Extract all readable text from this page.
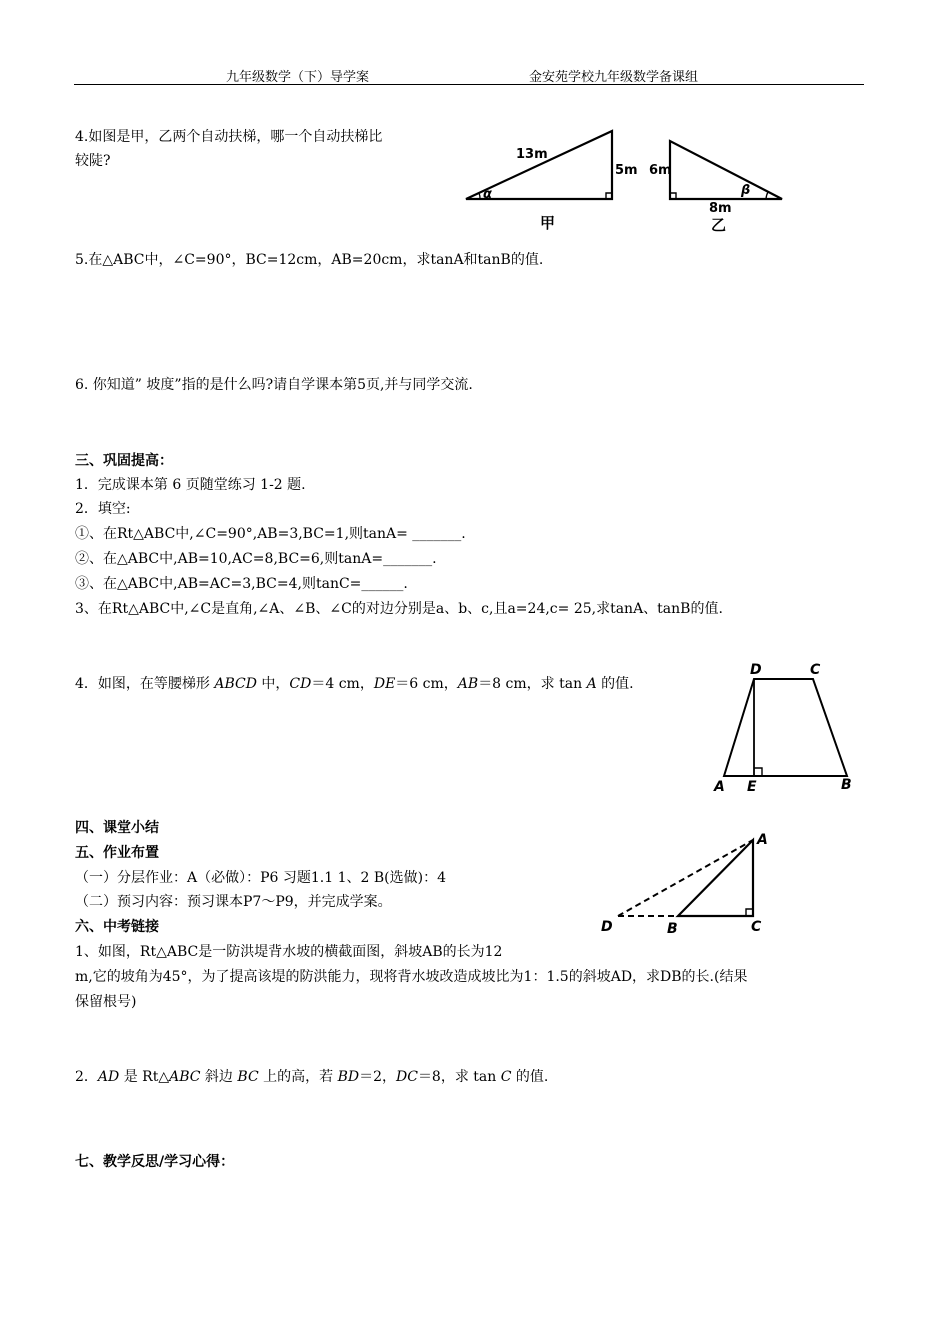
九年级数学（下）导学案	金安苑学校九年级数学备课组
4.如图是甲，乙两个自动扶梯，哪一个自动扶梯比
较陡?	13m
5m
α
甲
6m
8m
β
乙
5.在△ABC中，∠C=90°，BC=12cm，AB=20cm，求tanA和tanB的值.
6. 你知道” 坡度”指的是什么吗?请自学课本第5页,并与同学交流.
三、巩固提高：
1．完成课本第 6 页随堂练习 1-2 题.
2．填空:
①、在Rt△ABC中,∠C=90°,AB=3,BC=1,则tanA= _______.
②、在△ABC中,AB=10,AC=8,BC=6,则tanA=_______.
③、在△ABC中,AB=AC=3,BC=4,则tanC=______.
3、在Rt△ABC中,∠C是直角,∠A、∠B、∠C的对边分别是a、b、c,且a=24,c= 25,求tanA、tanB的值.
4．如图，在等腰梯形 ABCD 中，CD＝4 cm，DE＝6 cm，AB＝8 cm，求 tan A 的值.
D	C
A E	B
四、课堂小结
五、作业布置
（一）分层作业：A（必做）：P6 习题1.1 1、2 B(选做)：4
（二）预习内容：预习课本P7～P9，并完成学案。
六、中考链接
1、如图，Rt△ABC是一防洪堤背水坡的横截面图，斜坡AB的长为12
m,它的坡角为45°，为了提高该堤的防洪能力，现将背水坡改造成坡比为1：1.5的斜坡AD，求DB的长.(结果
保留根号)
A
D	B	C
2．AD 是 Rt△ABC 斜边 BC 上的高，若 BD＝2，DC＝8，求 tan C 的值.
七、教学反思/学习心得：
